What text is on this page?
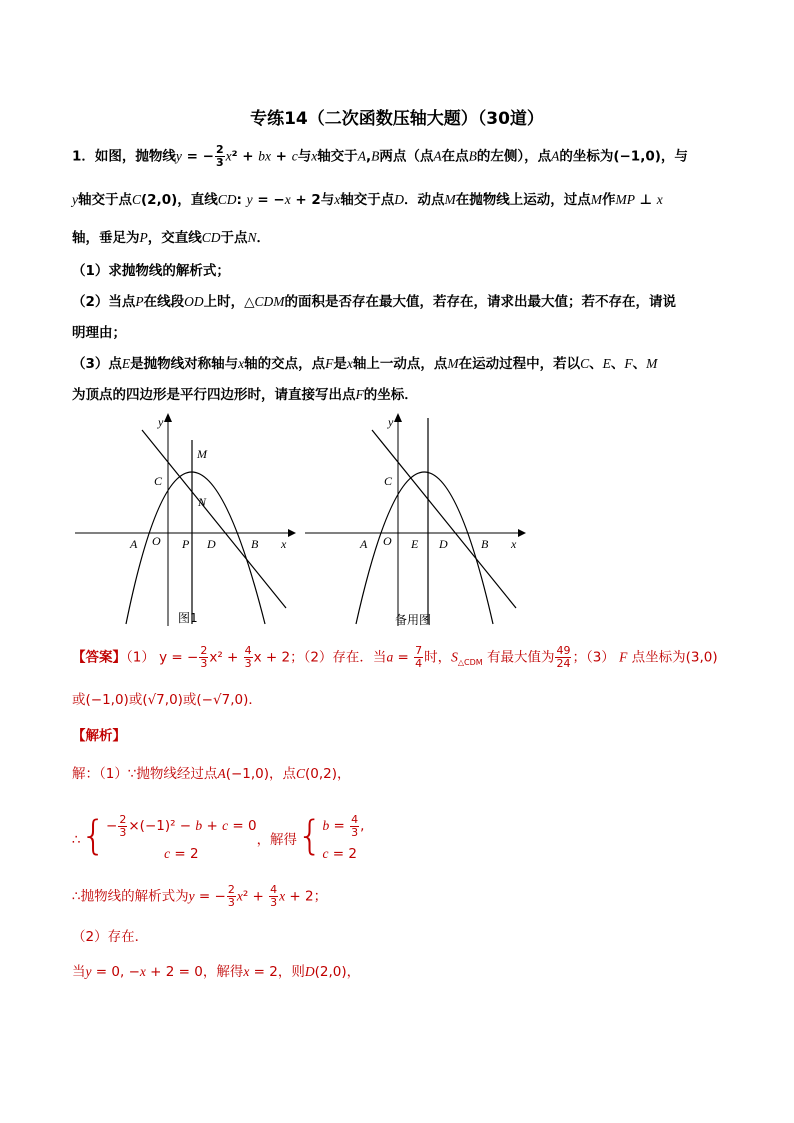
专练14（二次函数压轴大题）（30道）
1．如图，抛物线y = − $\frac{2}{3} x^2$ + bx + c与x轴交于A,B两点（点A在点B的左侧），点A的坐标为(−1,0)，与
y轴交于点C(2,0)，直线CD: y = −x + 2与x轴交于点D．动点M在抛物线上运动，过点M作MP ⊥ x
轴，垂足为P，交直线CD于点N．
（1）求抛物线的解析式；
（2）当点P在线段OD上时，△CDM的面积是否存在最大值，若存在，请求出最大值；若不存在，请说
明理由；
（3）点E是抛物线对称轴与x轴的交点，点F是x轴上一动点，点M在运动过程中，若以C、E、F、M
为顶点的四边形是平行四边形时，请直接写出点F的坐标．
y
x
M
C
N
A O P D	B
图1
y
x
C
A O E D	B
备用图
【答案】（1） y = − $\frac{2}{3} x^2 + \frac{4}{3}$ x + 2；（2）存在．当$a = \frac{7}{4}$ 时，$S_{\triangle CDM}$ 有最大值为 $\frac{49}{24}$ ；（3） F 点坐标为(3,0)
或(−1,0)或(√7,0)或(−√7,0)．
【解析】
解：（1）∵抛物线经过点A(−1,0)，点C(0,2)，
∴{ − $\frac{2}{3} \times(-1)^2 - b + c = 0$
c = 2
，解得{ $b = \frac{4}{3}$ ,
c = 2
∴抛物线的解析式为y = − $\frac{2}{3} x^2 + \frac{4}{3}$ x + 2；
（2）存在．
当y = 0, −x + 2 = 0，解得x = 2，则D(2,0)，
